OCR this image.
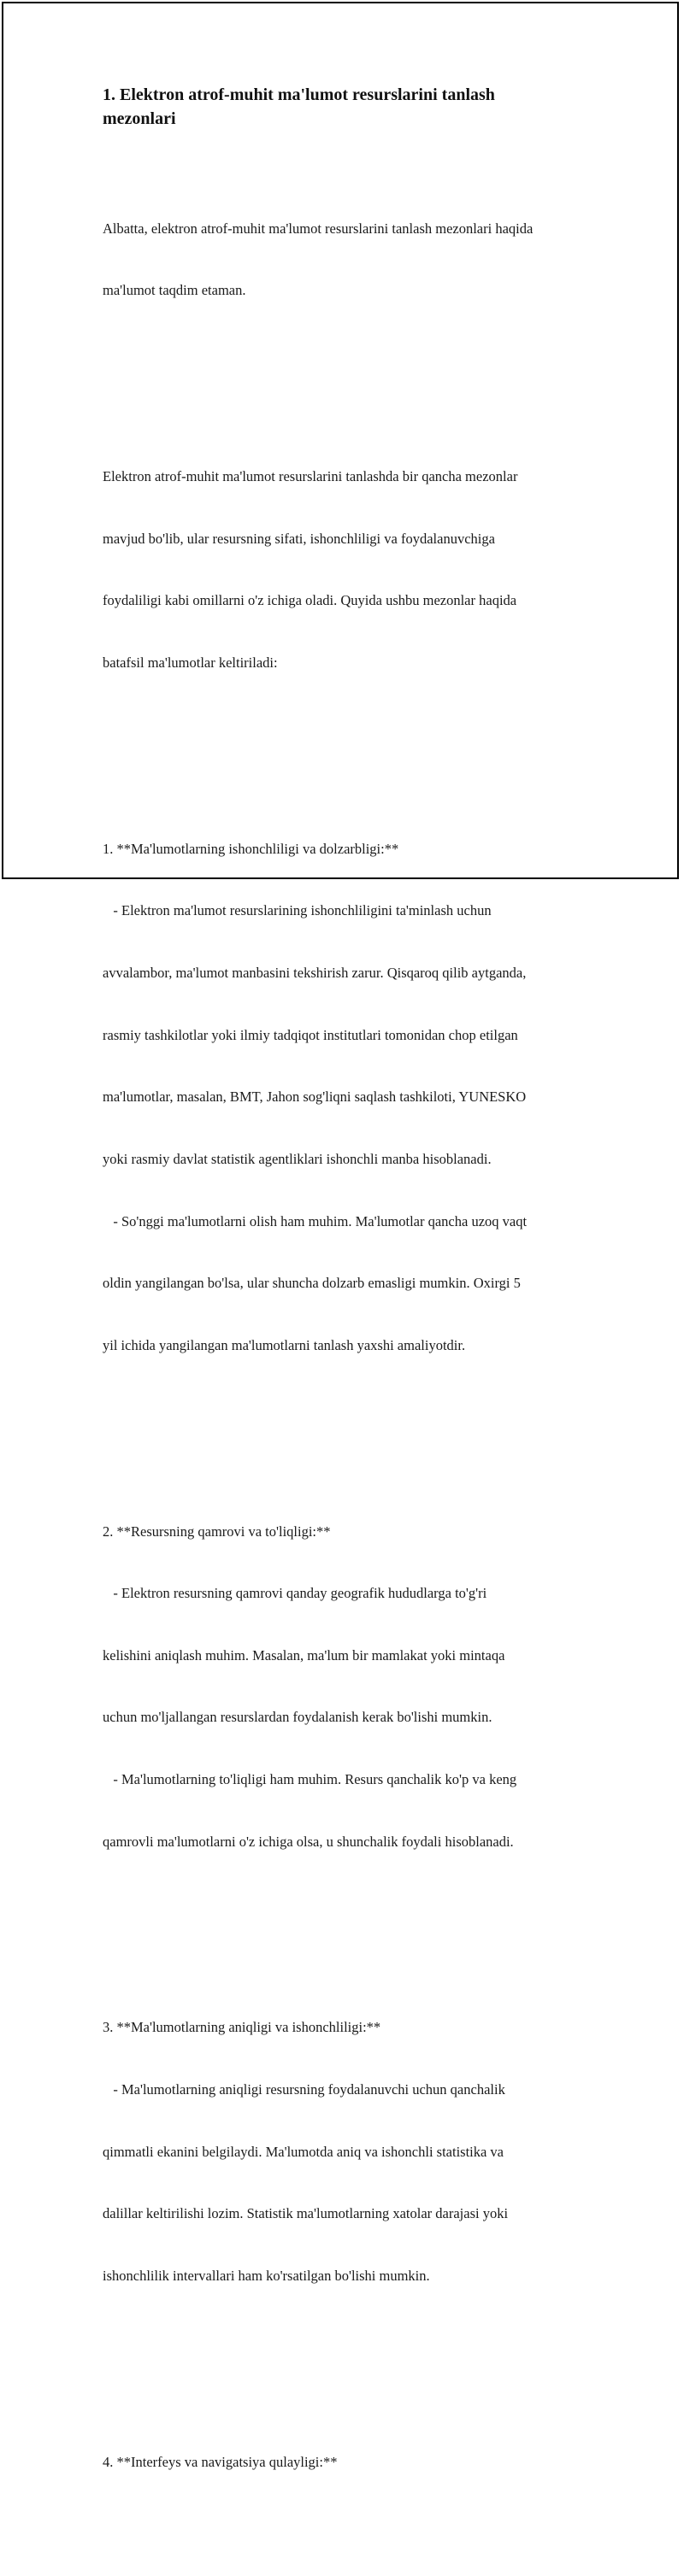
1. Elektron atrof-muhit ma'lumot resurslarini tanlash
mezonlari

Albatta, elektron atrof-muhit ma'lumot resurslarini tanlash mezonlari haqida

ma'lumot taqdim etaman.

Elektron atrof-muhit ma'lumot resurslarini tanlashda bir qancha mezonlar

mavjud bo'lib, ular resursning sifati, ishonchliligi va foydalanuvchiga

foydaliligi kabi omillarni o'z ichiga oladi. Quyida ushbu mezonlar haqida

batafsil ma'lumotlar keltiriladi:

1. **Ma'lumotlarning ishonchliligi va dolzarbligi:**

- Elektron ma'lumot resurslarining ishonchliligini ta'minlash uchun

avvalambor, ma'lumot manbasini tekshirish zarur. Qisqaroq qilib aytganda,

rasmiy tashkilotlar yoki ilmiy tadqiqot institutlari tomonidan chop etilgan

ma'lumotlar, masalan, BMT, Jahon sog'liqni saqlash tashkiloti, YUNESKO

yoki rasmiy davlat statistik agentliklari ishonchli manba hisoblanadi.

- So'nggi ma'lumotlarni olish ham muhim. Ma'lumotlar qancha uzoq vaqt

oldin yangilangan bo'lsa, ular shuncha dolzarb emasligi mumkin. Oxirgi 5

yil ichida yangilangan ma'lumotlarni tanlash yaxshi amaliyotdir.

2. **Resursning qamrovi va to'liqligi:**

- Elektron resursning qamrovi qanday geografik hududlarga to'g'ri

kelishini aniqlash muhim. Masalan, ma'lum bir mamlakat yoki mintaqa

uchun mo'ljallangan resurslardan foydalanish kerak bo'lishi mumkin.

- Ma'lumotlarning to'liqligi ham muhim. Resurs qanchalik ko'p va keng

qamrovli ma'lumotlarni o'z ichiga olsa, u shunchalik foydali hisoblanadi.

3. **Ma'lumotlarning aniqligi va ishonchliligi:**

- Ma'lumotlarning aniqligi resursning foydalanuvchi uchun qanchalik

qimmatli ekanini belgilaydi. Ma'lumotda aniq va ishonchli statistika va

dalillar keltirilishi lozim. Statistik ma'lumotlarning xatolar darajasi yoki

ishonchlilik intervallari ham ko'rsatilgan bo'lishi mumkin.

4. **Interfeys va navigatsiya qulayligi:**
